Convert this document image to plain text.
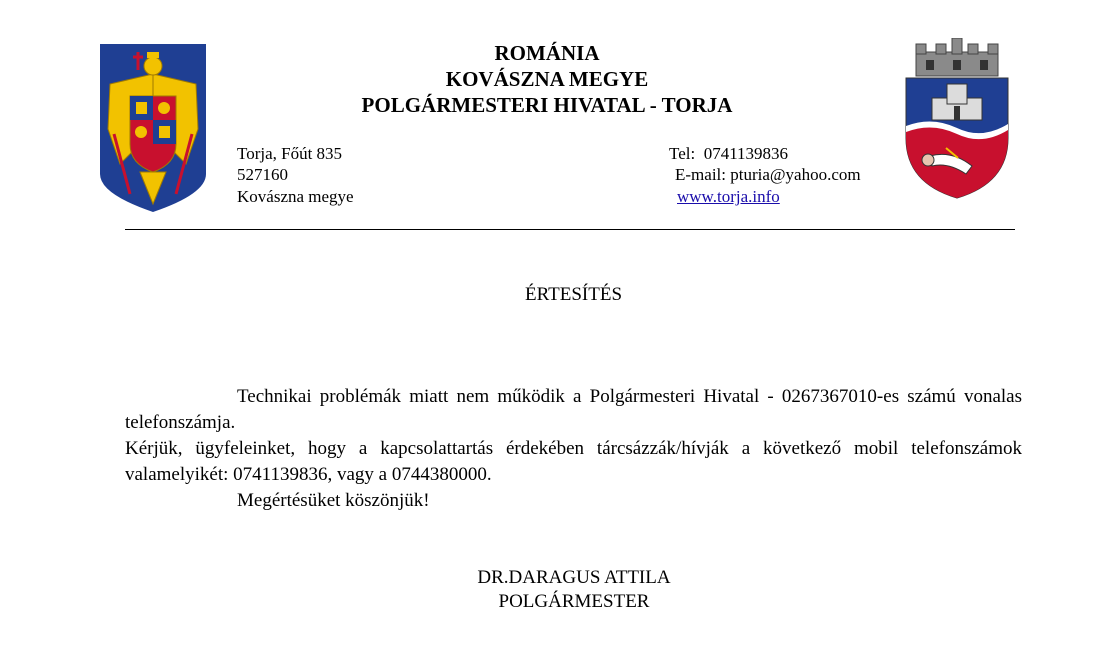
ROMÁNIA
KOVÁSZNA MEGYE
POLGÁRMESTERI HIVATAL - TORJA
Torja, Főút 835
527160
Kovászna megye
Tel:  0741139836
E-mail: pturia@yahoo.com
www.torja.info
ÉRTESÍTÉS

Technikai problémák miatt nem működik a Polgármesteri Hivatal - 0267367010-es számú vonalas telefonszámja.

Kérjük, ügyfeleinket, hogy a kapcsolattartás érdekében tárcsázzák/hívják a következő mobil telefonszámok valamelyikét: 0741139836, vagy a 0744380000.

Megértésüket köszönjük!

DR.DARAGUS ATTILA
POLGÁRMESTER
